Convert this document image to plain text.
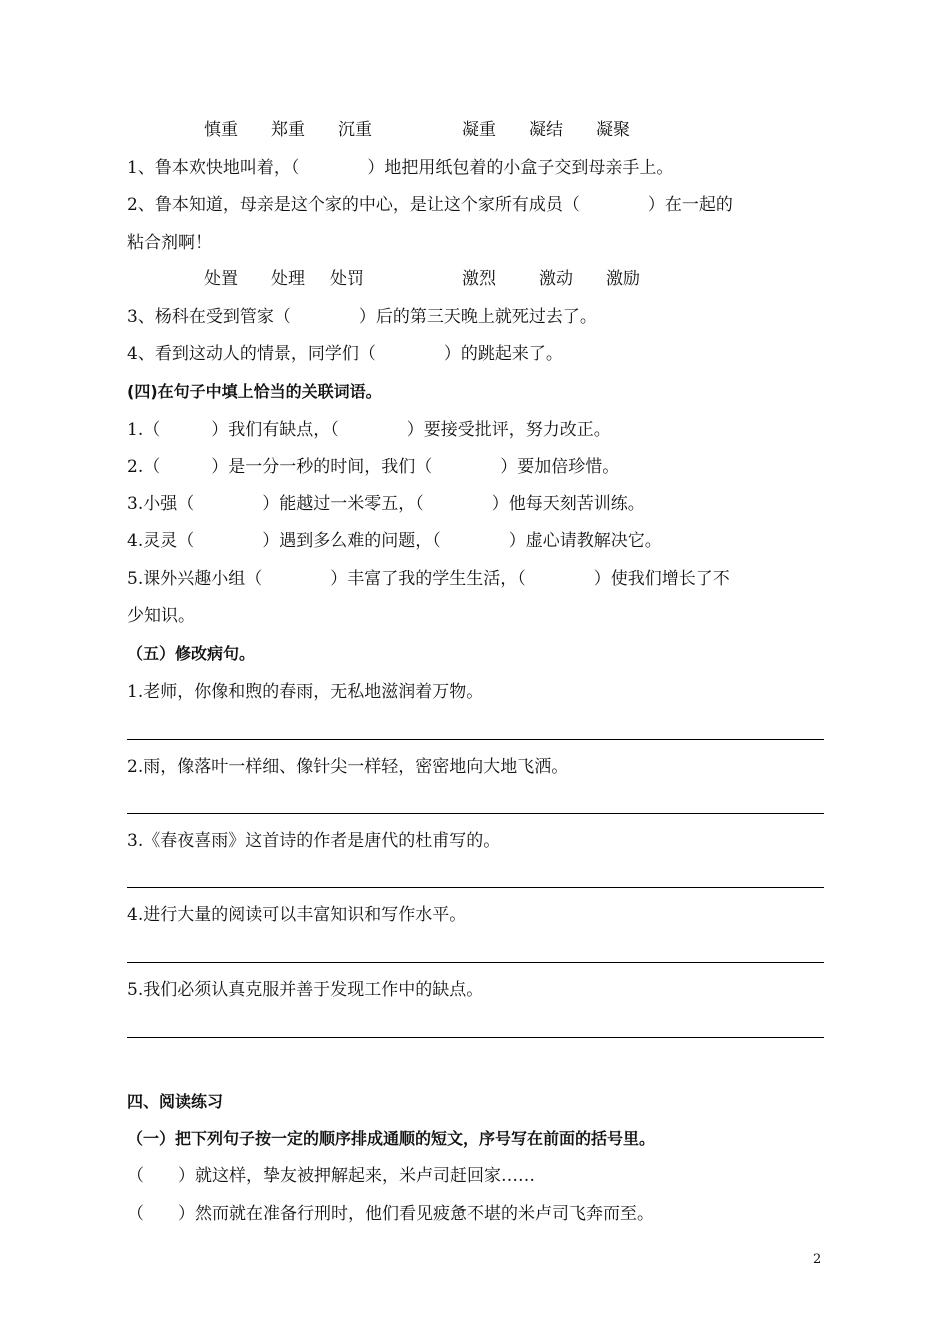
慎重 郑重 沉重	凝重 凝结 凝聚
1、鲁本欢快地叫着，（　　　　）地把用纸包着的小盒子交到母亲手上。
2、鲁本知道，母亲是这个家的中心，是让这个家所有成员（　　　　）在一起的
粘合剂啊！
处置 处理 处罚	激烈	激动 激励
3、杨科在受到管家（　　　　）后的第三天晚上就死过去了。
4、看到这动人的情景，同学们（　　　　）的跳起来了。
(四)在句子中填上恰当的关联词语。
1.（　　　）我们有缺点，（　　　　）要接受批评，努力改正。
2.（　　　）是一分一秒的时间，我们（　　　　）要加倍珍惜。
3.小强（　　　　）能越过一米零五，（　　　　）他每天刻苦训练。
4.灵灵（　　　　）遇到多么难的问题，（　　　　）虚心请教解决它。
5.课外兴趣小组（　　　　）丰富了我的学生生活，（　　　　）使我们增长了不
少知识。
（五）修改病句。
1.老师，你像和煦的春雨，无私地滋润着万物。
2.雨，像落叶一样细、像针尖一样轻，密密地向大地飞洒。
3.《春夜喜雨》这首诗的作者是唐代的杜甫写的。
4.进行大量的阅读可以丰富知识和写作水平。
5.我们必须认真克服并善于发现工作中的缺点。
四、阅读练习
（一）把下列句子按一定的顺序排成通顺的短文，序号写在前面的括号里。
（　　）就这样，挚友被押解起来，米卢司赶回家……
（　　）然而就在准备行刑时，他们看见疲惫不堪的米卢司飞奔而至。
2
